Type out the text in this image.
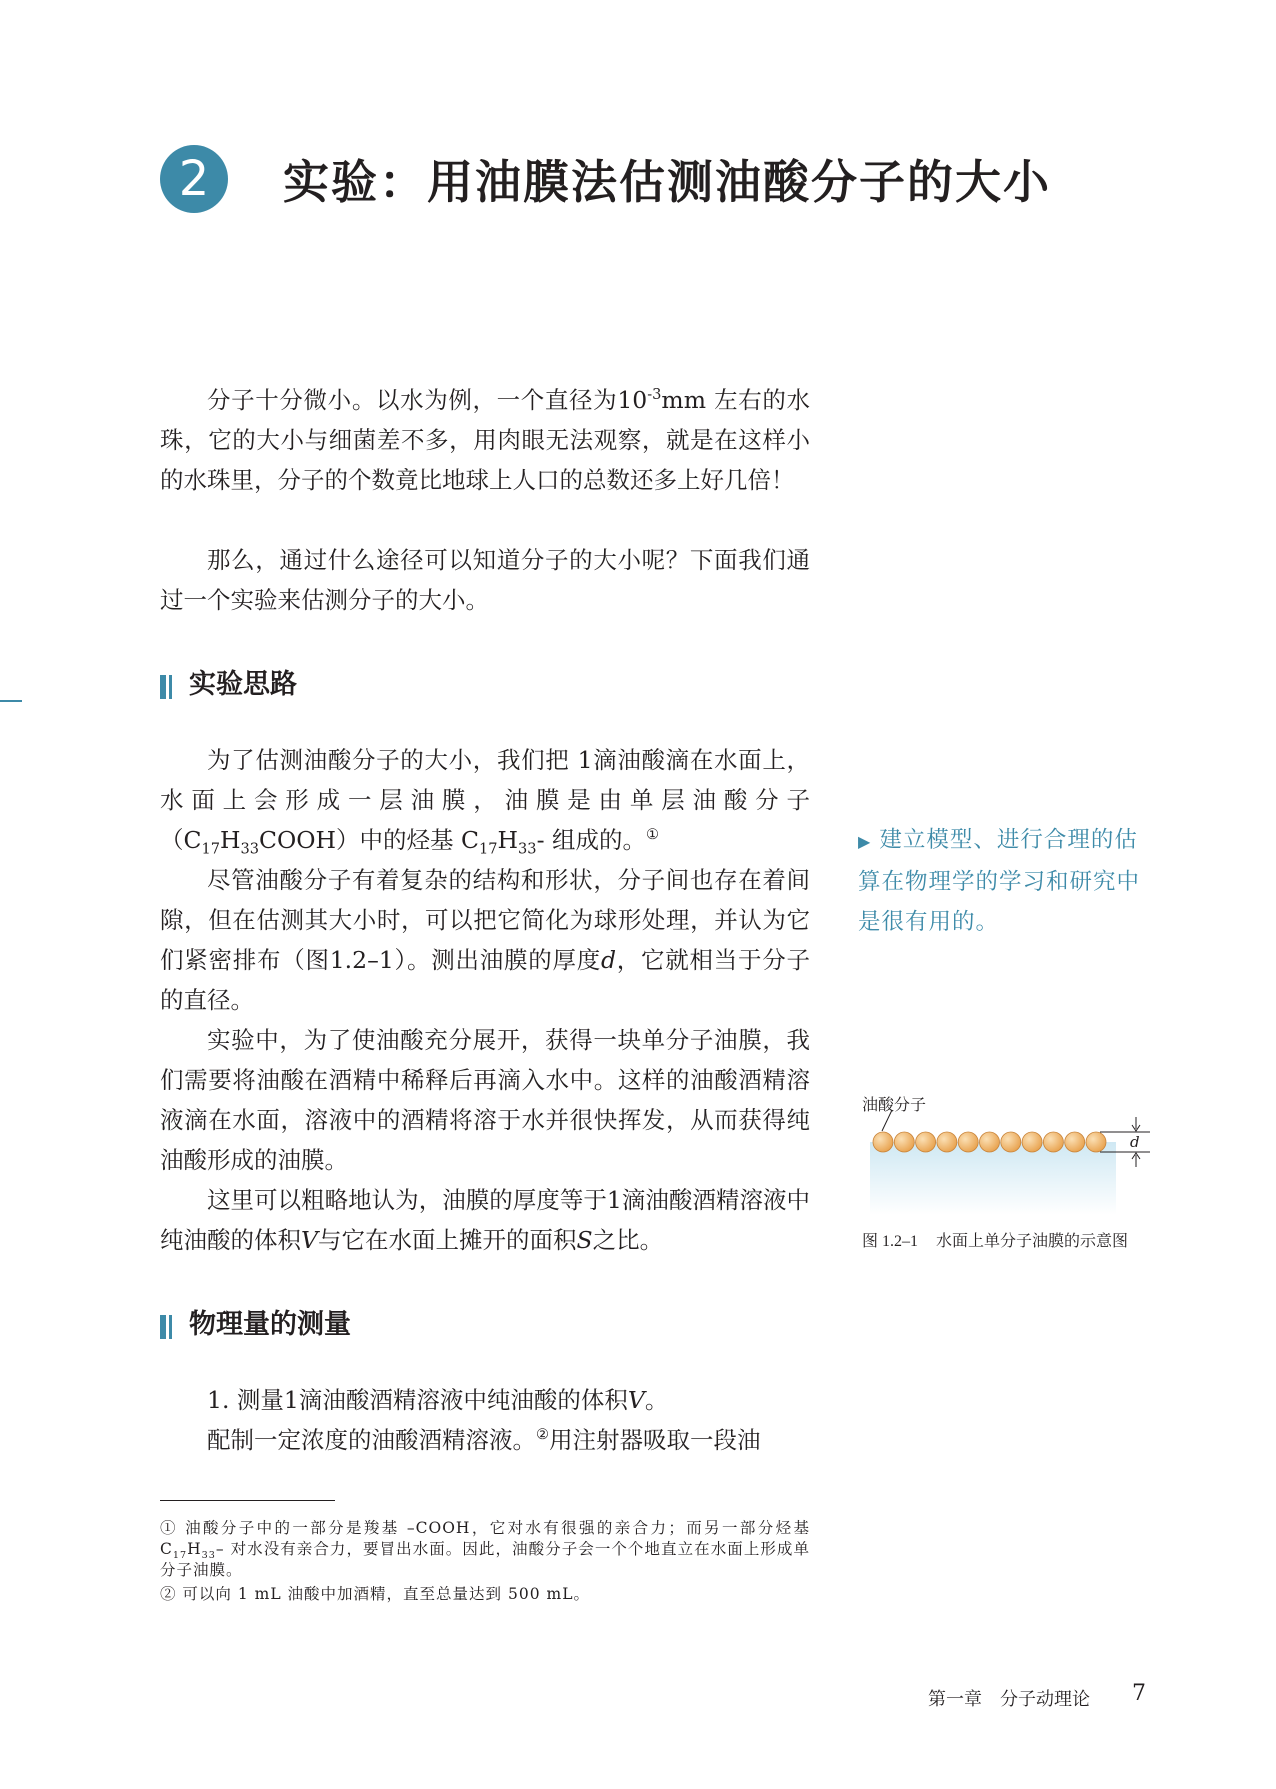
2	实验：用油膜法估测油酸分子的大小

分子十分微小。以水为例，一个直径为$10^{-3}mm$ 左右的水珠，它的大小与细菌差不多，用肉眼无法观察，就是在这样小的水珠里，分子的个数竟比地球上人口的总数还多上好几倍！

那么，通过什么途径可以知道分子的大小呢？下面我们通过一个实验来估测分子的大小。

实验思路

为了估测油酸分子的大小，我们把 1滴油酸滴在水面上，水面上会形成一层油膜，油膜是由单层油酸分子$(C_{17}H_{33}COOH)$中的烃基 $C_{17}H_{33}-$ 组成的。①

尽管油酸分子有着复杂的结构和形状，分子间也存在着间隙，但在估测其大小时，可以把它简化为球形处理，并认为它们紧密排布（图1.2–1）。测出油膜的厚度d，它就相当于分子的直径。

实验中，为了使油酸充分展开，获得一块单分子油膜，我们需要将油酸在酒精中稀释后再滴入水中。这样的油酸酒精溶液滴在水面，溶液中的酒精将溶于水并很快挥发，从而获得纯油酸形成的油膜。

这里可以粗略地认为，油膜的厚度等于1滴油酸酒精溶液中纯油酸的体积V与它在水面上摊开的面积S之比。

物理量的测量

1. 测量1滴油酸酒精溶液中纯油酸的体积V。

配制一定浓度的油酸酒精溶液。②用注射器吸取一段油

▶ 建立模型、进行合理的估算在物理学的学习和研究中是很有用的。

油酸分子
d
图 1.2–1 水面上单分子油膜的示意图

① 油酸分子中的一部分是羧基 –COOH，它对水有很强的亲合力；而另一部分烃基 $C_{17}H_{33}-$ 对水没有亲合力，要冒出水面。因此，油酸分子会一个个地直立在水面上形成单分子油膜。

② 可以向 1 mL 油酸中加酒精，直至总量达到 500 mL。

第一章　分子动理论 7
